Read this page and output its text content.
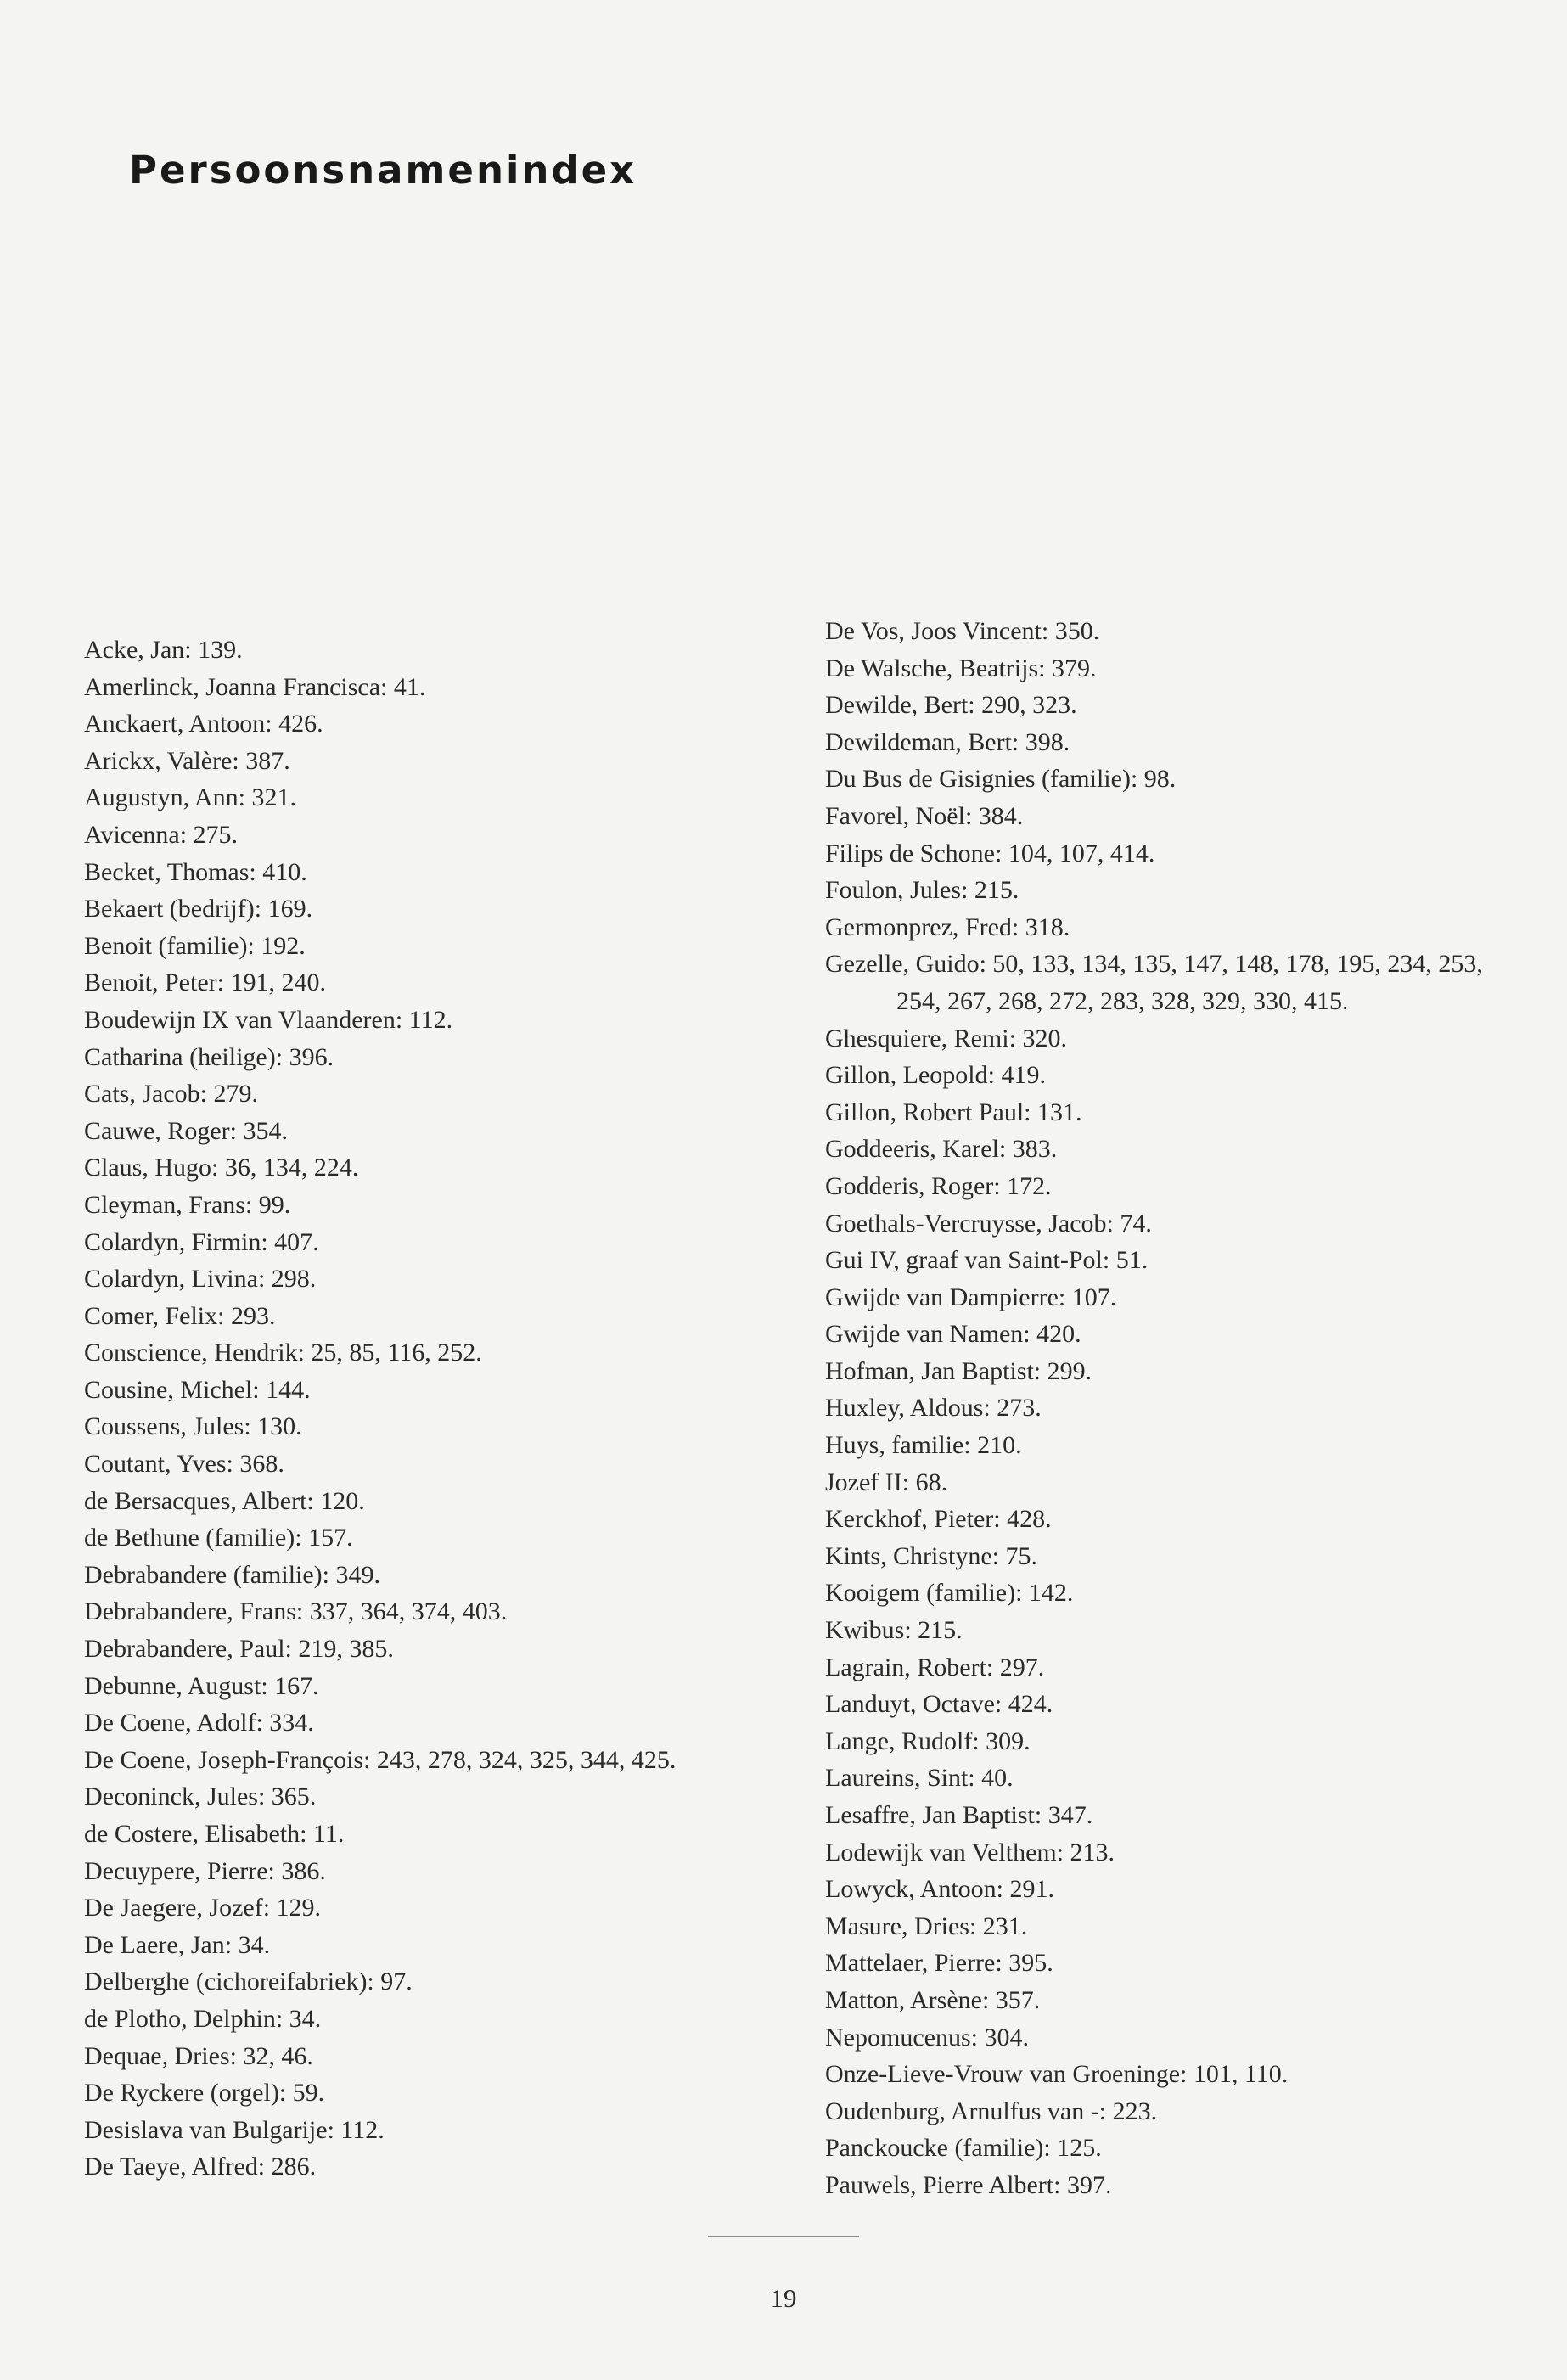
Persoonsnamenindex
Acke, Jan: 139.
Amerlinck, Joanna Francisca: 41.
Anckaert, Antoon: 426.
Arickx, Valère: 387.
Augustyn, Ann: 321.
Avicenna: 275.
Becket, Thomas: 410.
Bekaert (bedrijf): 169.
Benoit (familie): 192.
Benoit, Peter: 191, 240.
Boudewijn IX van Vlaanderen: 112.
Catharina (heilige): 396.
Cats, Jacob: 279.
Cauwe, Roger: 354.
Claus, Hugo: 36, 134, 224.
Cleyman, Frans: 99.
Colardyn, Firmin: 407.
Colardyn, Livina: 298.
Comer, Felix: 293.
Conscience, Hendrik: 25, 85, 116, 252.
Cousine, Michel: 144.
Coussens, Jules: 130.
Coutant, Yves: 368.
de Bersacques, Albert: 120.
de Bethune (familie): 157.
Debrabandere (familie): 349.
Debrabandere, Frans: 337, 364, 374, 403.
Debrabandere, Paul: 219, 385.
Debunne, August: 167.
De Coene, Adolf: 334.
De Coene, Joseph-François: 243, 278, 324, 325, 344, 425.
Deconinck, Jules: 365.
de Costere, Elisabeth: 11.
Decuypere, Pierre: 386.
De Jaegere, Jozef: 129.
De Laere, Jan: 34.
Delberghe (cichoreifabriek): 97.
de Plotho, Delphin: 34.
Dequae, Dries: 32, 46.
De Ryckere (orgel): 59.
Desislava van Bulgarije: 112.
De Taeye, Alfred: 286.
De Vos, Joos Vincent: 350.
De Walsche, Beatrijs: 379.
Dewilde, Bert: 290, 323.
Dewildeman, Bert: 398.
Du Bus de Gisignies (familie): 98.
Favorel, Noël: 384.
Filips de Schone: 104, 107, 414.
Foulon, Jules: 215.
Germonprez, Fred: 318.
Gezelle, Guido: 50, 133, 134, 135, 147, 148, 178, 195, 234, 253, 254, 267, 268, 272, 283, 328, 329, 330, 415.
Ghesquiere, Remi: 320.
Gillon, Leopold: 419.
Gillon, Robert Paul: 131.
Goddeeris, Karel: 383.
Godderis, Roger: 172.
Goethals-Vercruysse, Jacob: 74.
Gui IV, graaf van Saint-Pol: 51.
Gwijde van Dampierre: 107.
Gwijde van Namen: 420.
Hofman, Jan Baptist: 299.
Huxley, Aldous: 273.
Huys, familie: 210.
Jozef II: 68.
Kerckhof, Pieter: 428.
Kints, Christyne: 75.
Kooigem (familie): 142.
Kwibus: 215.
Lagrain, Robert: 297.
Landuyt, Octave: 424.
Lange, Rudolf: 309.
Laureins, Sint: 40.
Lesaffre, Jan Baptist: 347.
Lodewijk van Velthem: 213.
Lowyck, Antoon: 291.
Masure, Dries: 231.
Mattelaer, Pierre: 395.
Matton, Arsène: 357.
Nepomucenus: 304.
Onze-Lieve-Vrouw van Groeninge: 101, 110.
Oudenburg, Arnulfus van -: 223.
Panckoucke (familie): 125.
Pauwels, Pierre Albert: 397.
19
